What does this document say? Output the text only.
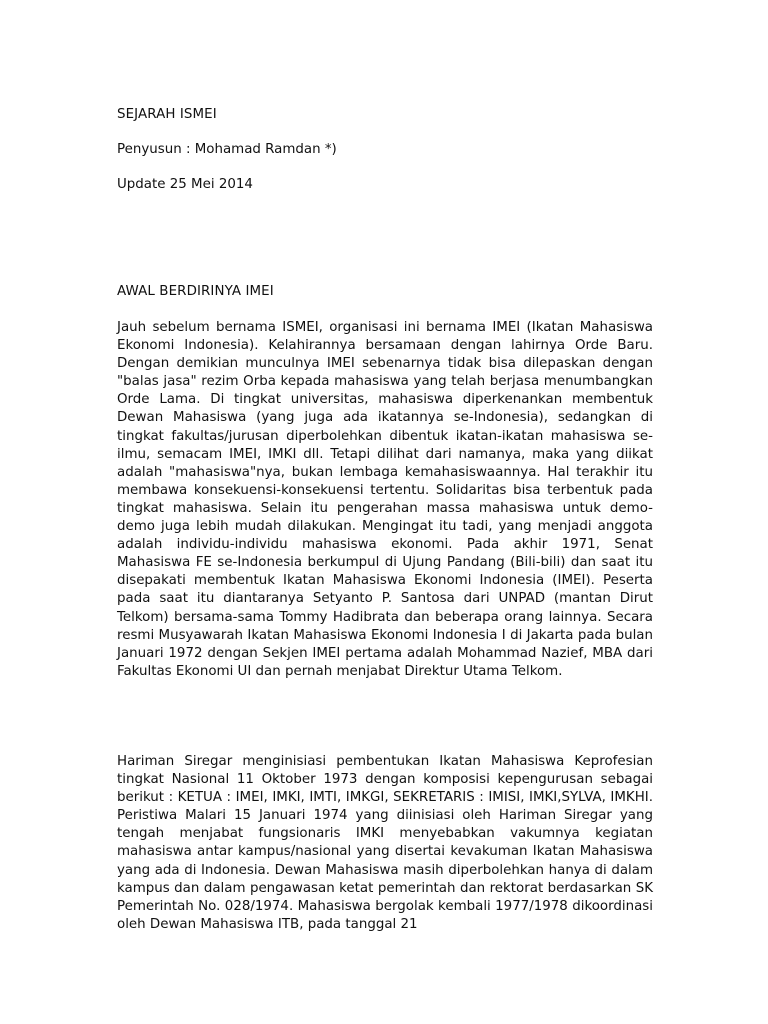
SEJARAH ISMEI

Penyusun : Mohamad Ramdan *)

Update 25 Mei 2014

AWAL BERDIRINYA IMEI

Jauh sebelum bernama ISMEI, organisasi ini bernama IMEI (Ikatan Mahasiswa Ekonomi Indonesia). Kelahirannya bersamaan dengan lahirnya Orde Baru. Dengan demikian munculnya IMEI sebenarnya tidak bisa dilepaskan dengan "balas jasa" rezim Orba kepada mahasiswa yang telah berjasa menumbangkan Orde Lama. Di tingkat universitas, mahasiswa diperkenankan membentuk Dewan Mahasiswa (yang juga ada ikatannya se-Indonesia), sedangkan di tingkat fakultas/jurusan diperbolehkan dibentuk ikatan-ikatan mahasiswa se-ilmu, semacam IMEI, IMKI dll. Tetapi dilihat dari namanya, maka yang diikat adalah "mahasiswa"nya, bukan lembaga kemahasiswaannya. Hal terakhir itu membawa konsekuensi-konsekuensi tertentu. Solidaritas bisa terbentuk pada tingkat mahasiswa. Selain itu pengerahan massa mahasiswa untuk demo-demo juga lebih mudah dilakukan. Mengingat itu tadi, yang menjadi anggota adalah individu-individu mahasiswa ekonomi. Pada akhir 1971, Senat Mahasiswa FE se-Indonesia berkumpul di Ujung Pandang (Bili-bili) dan saat itu disepakati membentuk Ikatan Mahasiswa Ekonomi Indonesia (IMEI). Peserta pada saat itu diantaranya Setyanto P. Santosa dari UNPAD (mantan Dirut Telkom) bersama-sama Tommy Hadibrata dan beberapa orang lainnya. Secara resmi Musyawarah Ikatan Mahasiswa Ekonomi Indonesia I di Jakarta pada bulan Januari 1972 dengan Sekjen IMEI pertama adalah Mohammad Nazief, MBA dari Fakultas Ekonomi UI dan pernah menjabat Direktur Utama Telkom.

Hariman Siregar menginisiasi pembentukan Ikatan Mahasiswa Keprofesian tingkat Nasional 11 Oktober 1973 dengan komposisi kepengurusan sebagai berikut : KETUA : IMEI, IMKI, IMTI, IMKGI, SEKRETARIS : IMISI, IMKI,SYLVA, IMKHI. Peristiwa Malari 15 Januari 1974 yang diinisiasi oleh Hariman Siregar yang tengah menjabat fungsionaris IMKI menyebabkan vakumnya kegiatan mahasiswa antar kampus/nasional yang disertai kevakuman Ikatan Mahasiswa yang ada di Indonesia. Dewan Mahasiswa masih diperbolehkan hanya di dalam kampus dan dalam pengawasan ketat pemerintah dan rektorat berdasarkan SK Pemerintah No. 028/1974. Mahasiswa bergolak kembali 1977/1978 dikoordinasi oleh Dewan Mahasiswa ITB, pada tanggal 21
